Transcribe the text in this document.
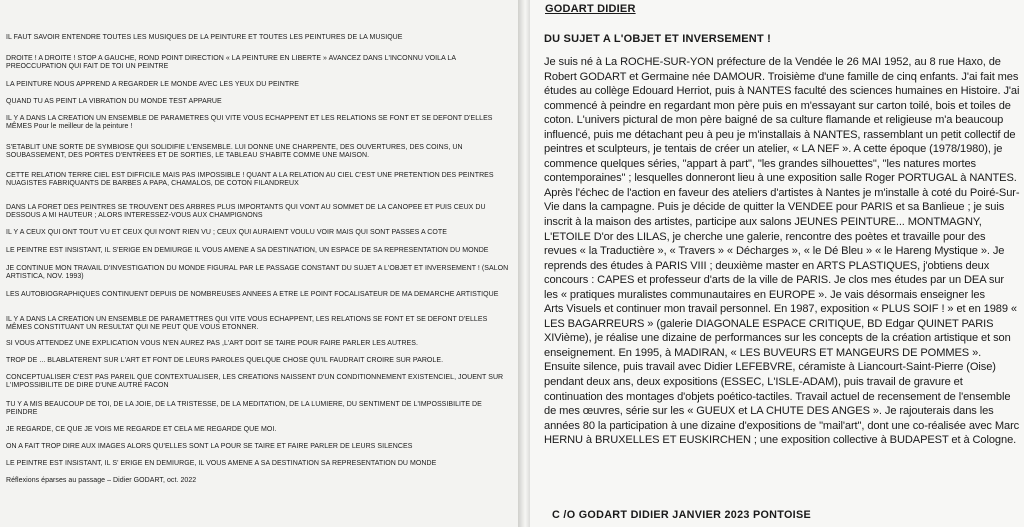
IL FAUT SAVOIR ENTENDRE TOUTES LES MUSIQUES DE LA PEINTURE ET TOUTES LES PEINTURES DE LA MUSIQUE

DROITE ! A DROITE ! STOP A GAUCHE, ROND POINT DIRECTION « LA PEINTURE EN LIBERTE » AVANCEZ DANS L'INCONNU VOILA LA PREOCCUPATION QUI FAIT DE TOI UN PEINTRE

LA PEINTURE NOUS APPREND A REGARDER LE MONDE AVEC LES YEUX DU PEINTRE

QUAND TU AS PEINT LA VIBRATION DU MONDE TEST APPARUE

IL Y A DANS LA CREATION UN ENSEMBLE DE PARAMETRES QUI VITE VOUS ECHAPPENT ET LES RELATIONS SE FONT ET SE DEFONT D'ELLES MÊMES Pour le meilleur de la peinture !

S'ETABLIT UNE SORTE DE SYMBIOSE QUI SOLIDIFIE L'ENSEMBLE. LUI DONNE UNE CHARPENTE, DES OUVERTURES, DES COINS, UN SOUBASSEMENT, DES PORTES D'ENTREES ET DE SORTIES, LE TABLEAU S'HABITE COMME UNE MAISON.

CETTE RELATION TERRE CIEL EST DIFFICILE MAIS PAS IMPOSSIBLE ! QUANT A LA RELATION AU CIEL C'EST UNE PRETENTION DES PEINTRES NUAGISTES FABRIQUANTS DE BARBES A PAPA, CHAMALOS, DE COTON FILANDREUX

DANS LA FORET DES PEINTRES SE TROUVENT DES ARBRES PLUS IMPORTANTS QUI VONT AU SOMMET DE LA CANOPEE ET PUIS CEUX DU DESSOUS A MI HAUTEUR ; ALORS INTERESSEZ-VOUS AUX CHAMPIGNONS

IL Y A CEUX QUI ONT TOUT VU ET CEUX QUI N'ONT RIEN VU ; CEUX QUI AURAIENT VOULU VOIR MAIS QUI SONT PASSES A COTE

LE PEINTRE EST INSISTANT, IL S'ERIGE EN DEMIURGE IL VOUS AMENE A SA DESTINATION, UN ESPACE DE SA REPRESENTATION DU MONDE

JE CONTINUE MON TRAVAIL D'INVESTIGATION DU MONDE FIGURAL PAR LE PASSAGE CONSTANT DU SUJET A L'OBJET ET INVERSEMENT ! (SALON ARTISTICA, NOV. 1993)

LES AUTOBIOGRAPHIQUES CONTINUENT DEPUIS DE NOMBREUSES ANNEES A ETRE LE POINT FOCALISATEUR DE MA DEMARCHE ARTISTIQUE

IL Y A DANS LA CREATION UN ENSEMBLE DE PARAMETTRES QUI VITE VOUS ECHAPPENT, LES RELATIONS SE FONT ET SE DEFONT D'ELLES MÊMES CONSTITUANT UN RESULTAT QUI NE PEUT QUE VOUS ETONNER.

SI VOUS ATTENDEZ UNE EXPLICATION VOUS N'EN AUREZ PAS ,L'ART DOIT SE TAIRE POUR FAIRE PARLER LES AUTRES.

TROP DE ... BLABLATERENT SUR L'ART ET FONT DE LEURS PAROLES QUELQUE CHOSE QU'IL FAUDRAIT CROIRE SUR PAROLE.

CONCEPTUALISER C'EST PAS PAREIL QUE CONTEXTUALISER, LES CREATIONS NAISSENT D'UN CONDITIONNEMENT EXISTENCIEL, JOUENT SUR L'IMPOSSIBILITE DE DIRE D'UNE AUTRE FACON

TU Y A MIS BEAUCOUP DE TOI, DE LA JOIE, DE LA TRISTESSE, DE LA MEDITATION, DE LA LUMIERE, DU SENTIMENT DE L'IMPOSSIBILITE DE PEINDRE

JE REGARDE, CE QUE JE VOIS ME REGARDE ET CELA ME REGARDE QUE MOI.

ON A FAIT TROP DIRE AUX IMAGES ALORS QU'ELLES SONT LA POUR SE TAIRE ET FAIRE PARLER DE LEURS SILENCES

LE PEINTRE EST INSISTANT, IL S' ERIGE EN DEMIURGE, IL VOUS AMENE A SA DESTINATION SA REPRESENTATION DU MONDE

Réflexions éparses au passage – Didier GODART, oct. 2022

GODART DIDIER
DU SUJET A L'OBJET ET INVERSEMENT !

Je suis né à La ROCHE-SUR-YON préfecture de la Vendée le 26 MAI 1952, au 8 rue Haxo, de Robert GODART et Germaine née DAMOUR. Troisième d'une famille de cinq enfants. J'ai fait mes études au collège Edouard Herriot, puis à NANTES faculté des sciences humaines en Histoire. J'ai commencé à peindre en regardant mon père puis en m'essayant sur carton toilé, bois et toiles de coton. L'univers pictural de mon père baigné de sa culture flamande et religieuse m'a beaucoup influencé, puis me détachant peu à peu je m'installais à NANTES, rassemblant un petit collectif de peintres et sculpteurs, je tentais de créer un atelier, « LA NEF ». A cette époque (1978/1980), je commence quelques séries, "appart à part", "les grandes silhouettes", "les natures mortes contemporaines" ; lesquelles donneront lieu à une exposition salle Roger PORTUGAL à NANTES. Après l'échec de l'action en faveur des ateliers d'artistes à Nantes je m'installe à coté du Poiré-Sur-Vie dans la campagne. Puis je décide de quitter la VENDEE pour PARIS et sa Banlieue ; je suis inscrit à la maison des artistes, participe aux salons JEUNES PEINTURE... MONTMAGNY, L'ETOILE D'or des LILAS, je cherche une galerie, rencontre des poètes et travaille pour des revues « la Traductière », « Travers » « Décharges », « le Dé Bleu » « le Hareng Mystique ». Je reprends des études à PARIS VIII ; deuxième master en ARTS PLASTIQUES, j'obtiens deux concours : CAPES et professeur d'arts de la ville de PARIS. Je clos mes études par un DEA sur les « pratiques muralistes communautaires en EUROPE ». Je vais désormais enseigner les

Arts Visuels et continuer mon travail personnel. En 1987, exposition « PLUS SOIF ! » et en 1989 « LES BAGARREURS » (galerie DIAGONALE ESPACE CRITIQUE, BD Edgar QUINET PARIS XIVième), je réalise une dizaine de performances sur les concepts de la création artistique et son enseignement. En 1995, à MADIRAN, « LES BUVEURS ET MANGEURS DE POMMES ». Ensuite silence, puis travail avec Didier LEFEBVRE, céramiste à Liancourt-Saint-Pierre (Oise) pendant deux ans, deux expositions (ESSEC, L'ISLE-ADAM), puis travail de gravure et continuation des montages d'objets poético-tactiles. Travail actuel de recensement de l'ensemble de mes œuvres, série sur les « GUEUX et LA CHUTE DES ANGES ». Je rajouterais dans les années 80 la participation à une dizaine d'expositions de "mail'art", dont une co-réalisée avec Marc HERNU à BRUXELLES ET EUSKIRCHEN ; une exposition collective à BUDAPEST et à Cologne.

C /O GODART DIDIER JANVIER 2023 PONTOISE
